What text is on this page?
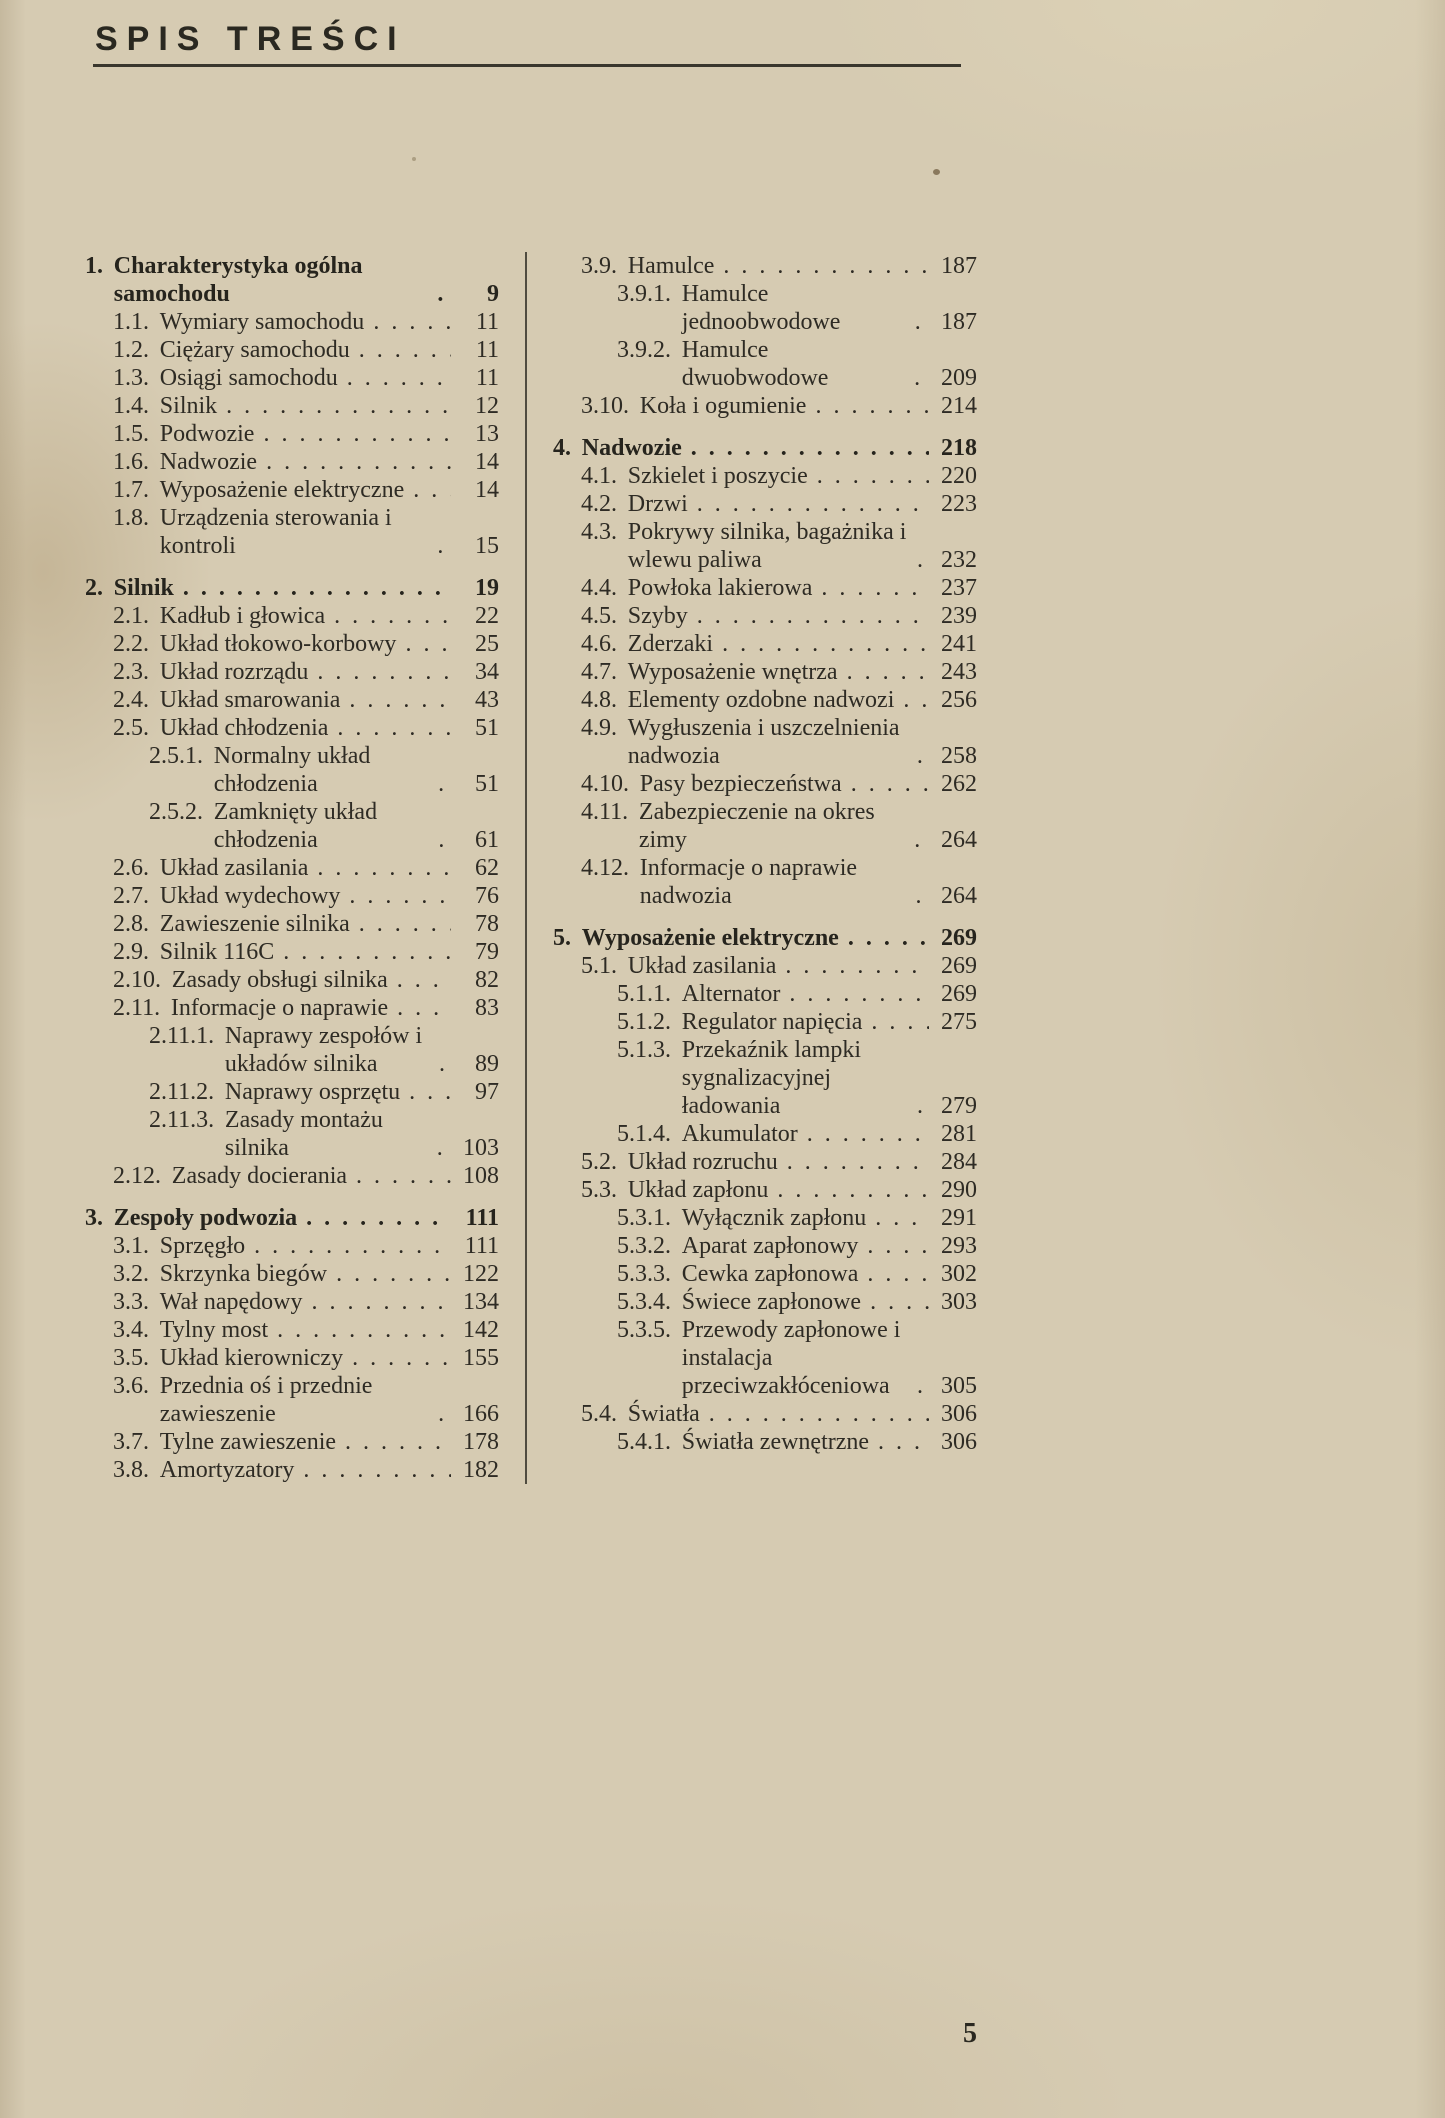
SPIS TREŚCI
1. Charakterystyka ogólna samochodu . . .	9
1.1. Wymiary samochodu . . .	11
1.2. Ciężary samochodu . . .	11
1.3. Osiągi samochodu . . .	11
1.4. Silnik . . .	12
1.5. Podwozie . . .	13
1.6. Nadwozie . . .	14
1.7. Wyposażenie elektryczne . . .	14
1.8. Urządzenia sterowania i kontroli . . .	15
2. Silnik . . .	19
2.1. Kadłub i głowica . . .	22
2.2. Układ tłokowo-korbowy . . .	25
2.3. Układ rozrządu . . .	34
2.4. Układ smarowania . . .	43
2.5. Układ chłodzenia . . .	51
2.5.1. Normalny układ chłodzenia . . .	51
2.5.2. Zamknięty układ chłodzenia . . .	61
2.6. Układ zasilania . . .	62
2.7. Układ wydechowy . . .	76
2.8. Zawieszenie silnika . . .	78
2.9. Silnik 116C . . .	79
2.10. Zasady obsługi silnika . . .	82
2.11. Informacje o naprawie . . .	83
2.11.1. Naprawy zespołów i układów silnika . . .	89
2.11.2. Naprawy osprzętu . . .	97
2.11.3. Zasady montażu silnika . . .	103
2.12. Zasady docierania . . .	108
3. Zespoły podwozia . . .	111
3.1. Sprzęgło . . .	111
3.2. Skrzynka biegów . . .	122
3.3. Wał napędowy . . .	134
3.4. Tylny most . . .	142
3.5. Układ kierowniczy . . .	155
3.6. Przednia oś i przednie zawieszenie . . .	166
3.7. Tylne zawieszenie . . .	178
3.8. Amortyzatory . . .	182
3.9. Hamulce . . .	187
3.9.1. Hamulce jednoobwodowe . . .	187
3.9.2. Hamulce dwuobwodowe . . .	209
3.10. Koła i ogumienie . . .	214
4. Nadwozie . . .	218
4.1. Szkielet i poszycie . . .	220
4.2. Drzwi . . .	223
4.3. Pokrywy silnika, bagażnika i wlewu paliwa . . .	232
4.4. Powłoka lakierowa . . .	237
4.5. Szyby . . .	239
4.6. Zderzaki . . .	241
4.7. Wyposażenie wnętrza . . .	243
4.8. Elementy ozdobne nadwozi . . .	256
4.9. Wygłuszenia i uszczelnienia nadwozia . . .	258
4.10. Pasy bezpieczeństwa . . .	262
4.11. Zabezpieczenie na okres zimy . . .	264
4.12. Informacje o naprawie nadwozia . . .	264
5. Wyposażenie elektryczne . . .	269
5.1. Układ zasilania . . .	269
5.1.1. Alternator . . .	269
5.1.2. Regulator napięcia . . .	275
5.1.3. Przekaźnik lampki sygnalizacyjnej ładowania . . .	279
5.1.4. Akumulator . . .	281
5.2. Układ rozruchu . . .	284
5.3. Układ zapłonu . . .	290
5.3.1. Wyłącznik zapłonu . . .	291
5.3.2. Aparat zapłonowy . . .	293
5.3.3. Cewka zapłonowa . . .	302
5.3.4. Świece zapłonowe . . .	303
5.3.5. Przewody zapłonowe i instalacja przeciwzakłóceniowa . . .	305
5.4. Światła . . .	306
5.4.1. Światła zewnętrzne . . .	306
5
